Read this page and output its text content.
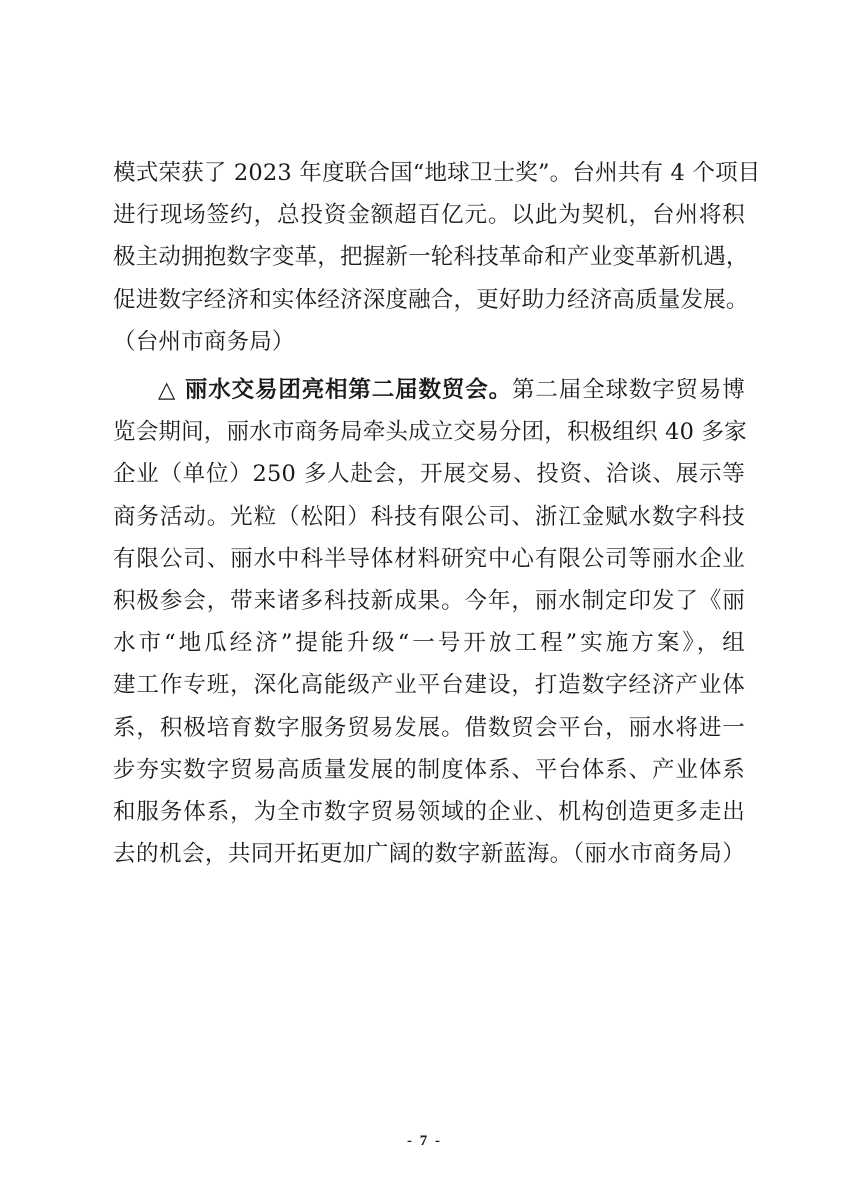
模式荣获了 2023 年度联合国“地球卫士奖”。台州共有 4 个项目
进行现场签约，总投资金额超百亿元。以此为契机，台州将积
极主动拥抱数字变革，把握新一轮科技革命和产业变革新机遇，
促进数字经济和实体经济深度融合，更好助力经济高质量发展。
（台州市商务局）

△ 丽水交易团亮相第二届数贸会。第二届全球数字贸易博
览会期间，丽水市商务局牵头成立交易分团，积极组织 40 多家
企业（单位）250 多人赴会，开展交易、投资、洽谈、展示等
商务活动。光粒（松阳）科技有限公司、浙江金赋水数字科技
有限公司、丽水中科半导体材料研究中心有限公司等丽水企业
积极参会，带来诸多科技新成果。今年，丽水制定印发了《丽
水市“地瓜经济”提能升级“一号开放工程”实施方案》，组
建工作专班，深化高能级产业平台建设，打造数字经济产业体
系，积极培育数字服务贸易发展。借数贸会平台，丽水将进一
步夯实数字贸易高质量发展的制度体系、平台体系、产业体系
和服务体系，为全市数字贸易领域的企业、机构创造更多走出
去的机会，共同开拓更加广阔的数字新蓝海。（丽水市商务局）

- 7 -
